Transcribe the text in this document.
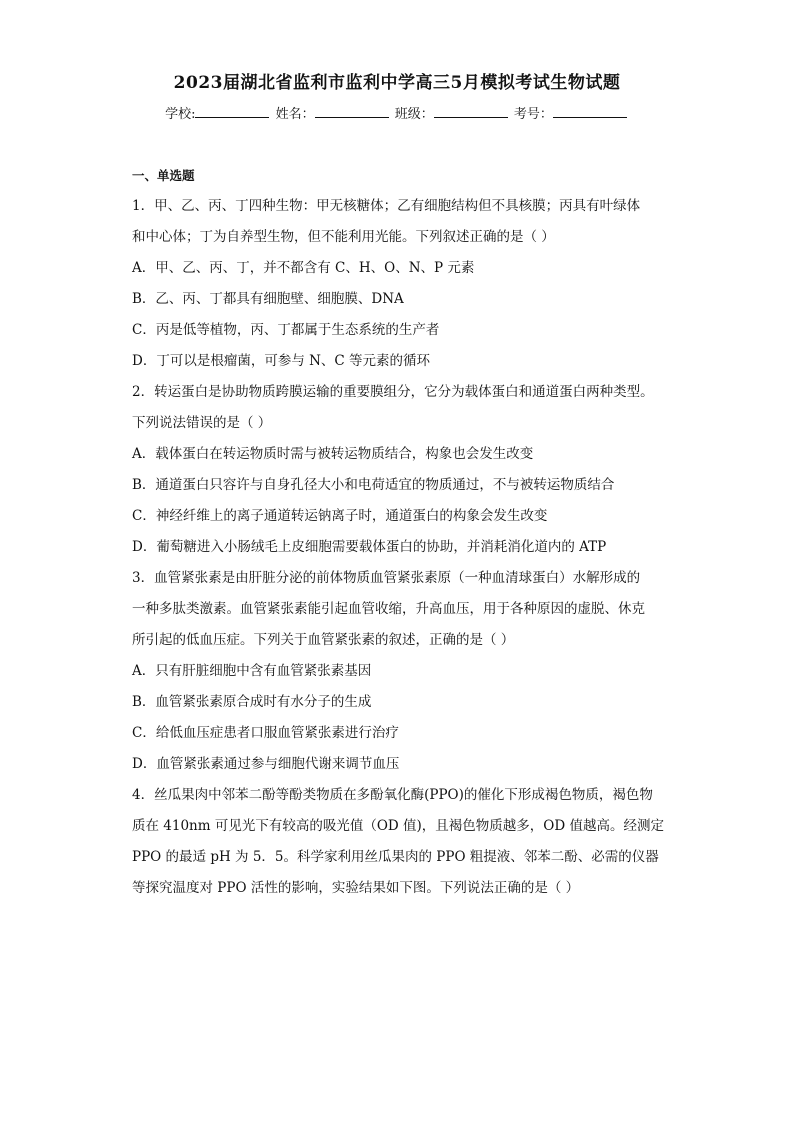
2023届湖北省监利市监利中学高三5月模拟考试生物试题
学校:	姓名：	班级：	考号：
一、单选题
1．甲、乙、丙、丁四种生物：甲无核糖体；乙有细胞结构但不具核膜；丙具有叶绿体
和中心体；丁为自养型生物，但不能利用光能。下列叙述正确的是（ ）
A．甲、乙、丙、丁，并不都含有 C、H、O、N、P 元素
B．乙、丙、丁都具有细胞壁、细胞膜、DNA
C．丙是低等植物，丙、丁都属于生态系统的生产者
D．丁可以是根瘤菌，可参与 N、C 等元素的循环
2．转运蛋白是协助物质跨膜运输的重要膜组分，它分为载体蛋白和通道蛋白两种类型。
下列说法错误的是（ ）
A．载体蛋白在转运物质时需与被转运物质结合，构象也会发生改变
B．通道蛋白只容许与自身孔径大小和电荷适宜的物质通过，不与被转运物质结合
C．神经纤维上的离子通道转运钠离子时，通道蛋白的构象会发生改变
D．葡萄糖进入小肠绒毛上皮细胞需要载体蛋白的协助，并消耗消化道内的 ATP
3．血管紧张素是由肝脏分泌的前体物质血管紧张素原（一种血清球蛋白）水解形成的
一种多肽类激素。血管紧张素能引起血管收缩，升高血压，用于各种原因的虚脱、休克
所引起的低血压症。下列关于血管紧张素的叙述，正确的是（ ）
A．只有肝脏细胞中含有血管紧张素基因
B．血管紧张素原合成时有水分子的生成
C．给低血压症患者口服血管紧张素进行治疗
D．血管紧张素通过参与细胞代谢来调节血压
4．丝瓜果肉中邻苯二酚等酚类物质在多酚氧化酶(PPO)的催化下形成褐色物质，褐色物
质在 410nm 可见光下有较高的吸光值（OD 值)，且褐色物质越多，OD 值越高。经测定
PPO 的最适 pH 为 5．5。科学家利用丝瓜果肉的 PPO 粗提液、邻苯二酚、必需的仪器
等探究温度对 PPO 活性的影响，实验结果如下图。下列说法正确的是（ ）
